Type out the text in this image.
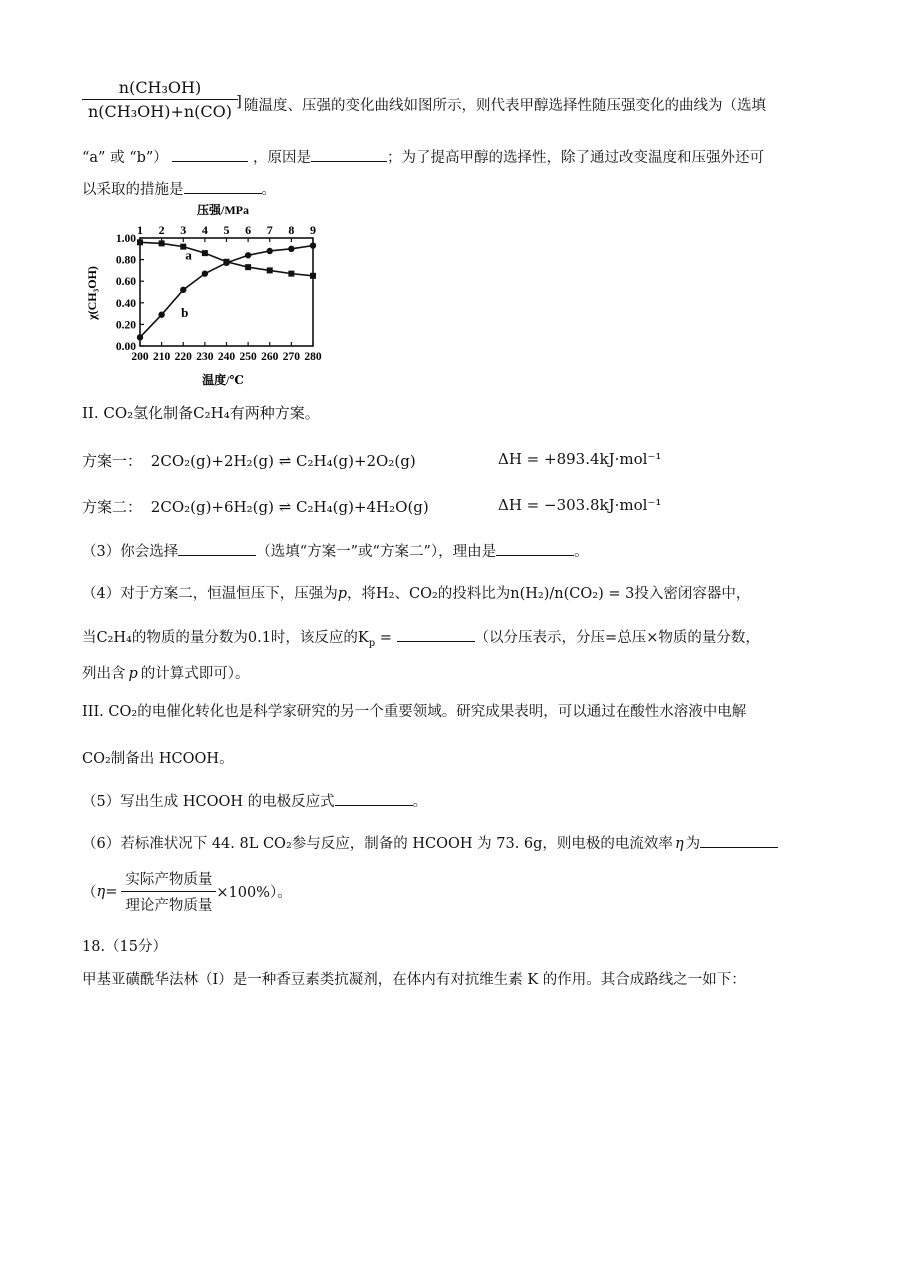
$\frac{\text{n(CH₃OH)}}{\text{n(CH₃OH)+n(CO)}}$
] 随温度、压强的变化曲线如图所示，则代表甲醇选择性随压强变化的曲线为（选填
“a” 或 “b”）	，原因是	；为了提高甲醇的选择性，除了通过改变温度和压强外还可
以采取的措施是	。
压强/MPa
χ(CH₃OH)
温度/℃
200 210 220 230 240 250 260 270 280
1 2 3 4 5 6 7 8 9
0.00
0.20
0.40
0.60
0.80
1.00
a
b
II. CO₂氢化制备C₂H₄有两种方案。
方案一： 2CO₂(g)+2H₂(g) ⇌ C₂H₄(g)+2O₂(g)	ΔH = +893.4kJ·mol⁻¹
方案二： 2CO₂(g)+6H₂(g) ⇌ C₂H₄(g)+4H₂O(g)	ΔH = −303.8kJ·mol⁻¹
（3）你会选择	（选填“方案一”或“方案二”），理由是	。
（4）对于方案二，恒温恒压下，压强为p，将H₂、CO₂的投料比为n(H₂)/n(CO₂) = 3投入密闭容器中，
当C₂H₄的物质的量分数为0.1时，该反应的$K_p$ =	（以分压表示，分压=总压×物质的量分数，
列出含 p 的计算式即可）。
III. CO₂的电催化转化也是科学家研究的另一个重要领域。研究成果表明，可以通过在酸性水溶液中电解
CO₂制备出 HCOOH。
（5）写出生成 HCOOH 的电极反应式	。
（6）若标准状况下 44. 8L CO₂参与反应，制备的 HCOOH 为 73. 6g，则电极的电流效率 η 为
（ $\eta = \frac{\text{实际产物质量}}{\text{理论产物质量}} \times 100\%$）。
18.（15分）
甲基亚磺酰华法林（I）是一种香豆素类抗凝剂，在体内有对抗维生素 K 的作用。其合成路线之一如下：
